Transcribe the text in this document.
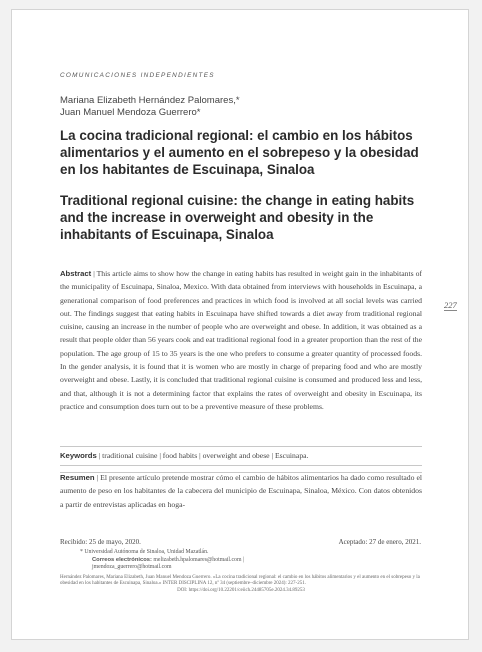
COMUNICACIONES INDEPENDIENTES
Mariana Elizabeth Hernández Palomares,*
Juan Manuel Mendoza Guerrero*
La cocina tradicional regional: el cambio en los hábitos alimentarios y el aumento en el sobrepeso y la obesidad en los habitantes de Escuinapa, Sinaloa
Traditional regional cuisine: the change in eating habits and the increase in overweight and obesity in the inhabitants of Escuinapa, Sinaloa
Abstract | This article aims to show how the change in eating habits has resulted in weight gain in the inhabitants of the municipality of Escuinapa, Sinaloa, Mexico. With data obtained from interviews with households in Escuinapa, a generational comparison of food preferences and practices in which food is involved at all social levels was carried out. The findings suggest that eating habits in Escuinapa have shifted towards a diet away from traditional regional cuisine, causing an increase in the number of people who are overweight and obese. In addition, it was obtained as a result that people older than 56 years cook and eat traditional regional food in a greater proportion than the rest of the population. The age group of 15 to 35 years is the one who prefers to consume a greater quantity of processed foods. In the gender analysis, it is found that it is women who are mostly in charge of preparing food and who are mostly overweight and obese. Lastly, it is concluded that traditional regional cuisine is consumed and produced less and less, and that, although it is not a determining factor that explains the rates of overweight and obesity in Escuinapa, its practice and consumption does turn out to be a preventive measure of these problems.
Keywords | traditional cuisine | food habits | overweight and obese | Escuinapa.
Resumen | El presente artículo pretende mostrar cómo el cambio de hábitos alimentarios ha dado como resultado el aumento de peso en los habitantes de la cabecera del municipio de Escuinapa, Sinaloa, México. Con datos obtenidos a partir de entrevistas aplicadas en hoga-
227
Recibido: 25 de mayo, 2020.	Aceptado: 27 de enero, 2021.
* Universidad Autónoma de Sinaloa, Unidad Mazatlán.
Correos electrónicos: melizabeth.hpalomares@hotmail.com |
jmendoza_guerrero@hotmail.com
Hernández Palomares, Mariana Elizabeth, Juan Manuel Mendoza Guerrero. «La cocina tradicional regional: el cambio en los hábitos alimentarios y el aumento en el sobrepeso y la obesidad en los habitantes de Escuinapa, Sinaloa.» INTER DISCIPLINA 12, nº 34 (septiembre–diciembre 2024): 227-251.
DOI: https://doi.org/10.22201/ceiich.24485705e.2024.34.89253
